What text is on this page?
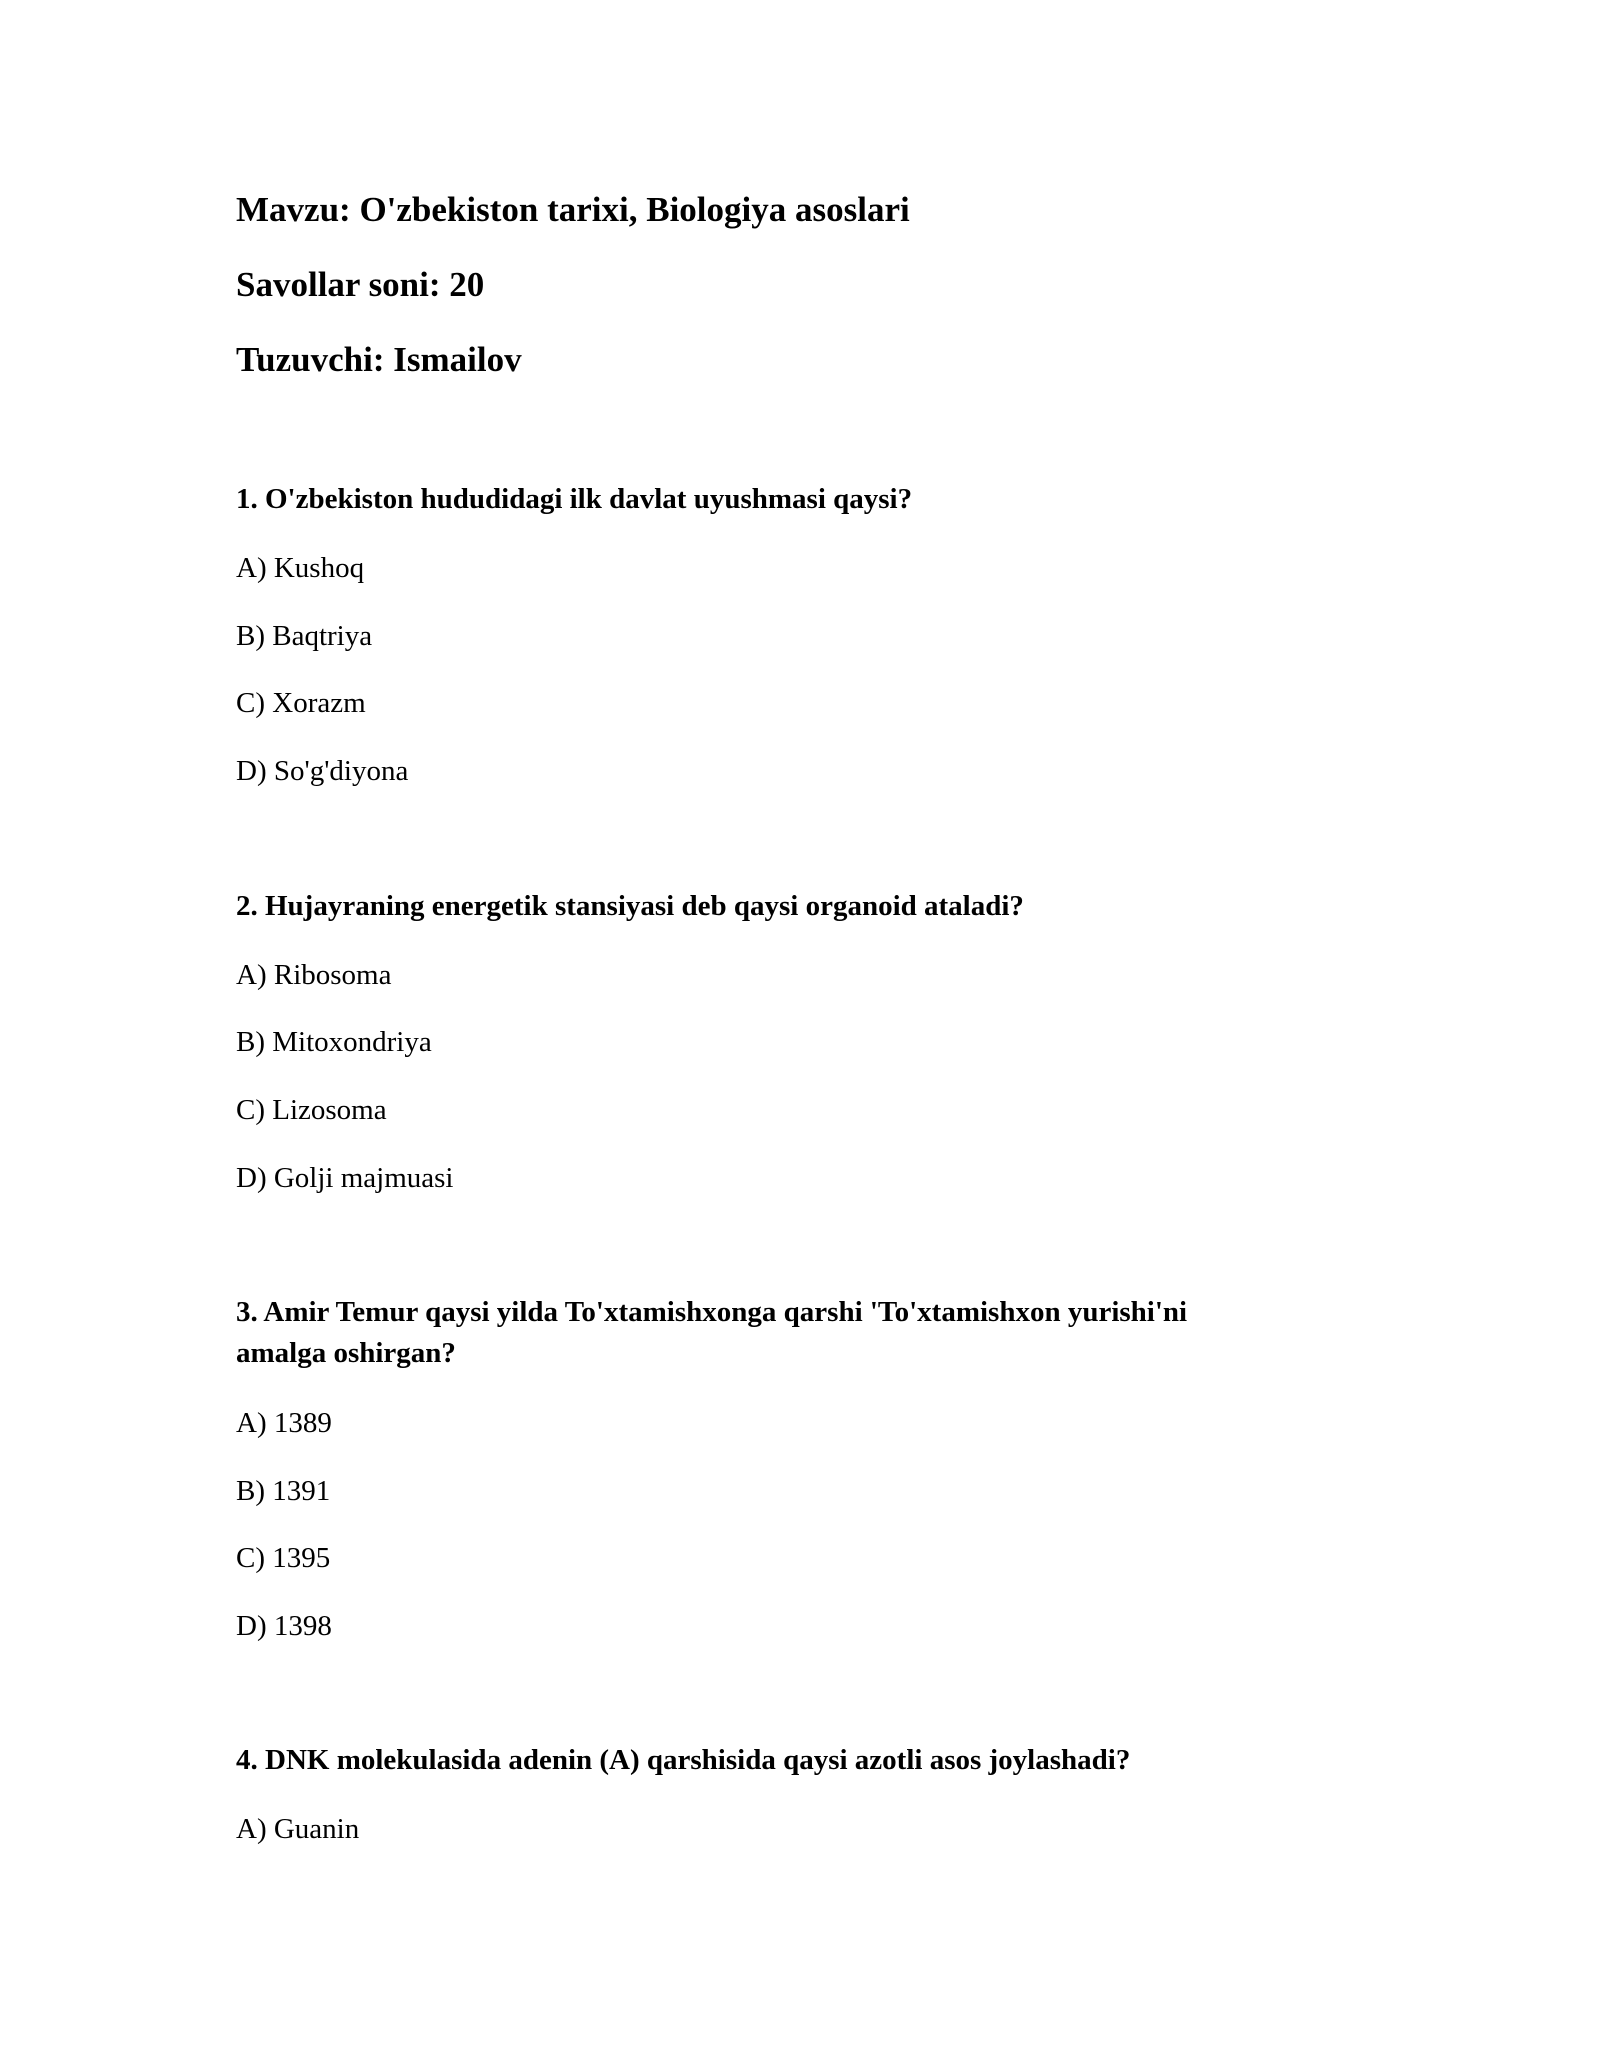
Mavzu: O'zbekiston tarixi, Biologiya asoslari
Savollar soni: 20
Tuzuvchi: Ismailov
1. O'zbekiston hududidagi ilk davlat uyushmasi qaysi?
A) Kushoq
B) Baqtriya
C) Xorazm
D) So'g'diyona
2. Hujayraning energetik stansiyasi deb qaysi organoid ataladi?
A) Ribosoma
B) Mitoxondriya
C) Lizosoma
D) Golji majmuasi
3. Amir Temur qaysi yilda To'xtamishxonga qarshi 'To'xtamishxon yurishi'ni
amalga oshirgan?
A) 1389
B) 1391
C) 1395
D) 1398
4. DNK molekulasida adenin (A) qarshisida qaysi azotli asos joylashadi?
A) Guanin
